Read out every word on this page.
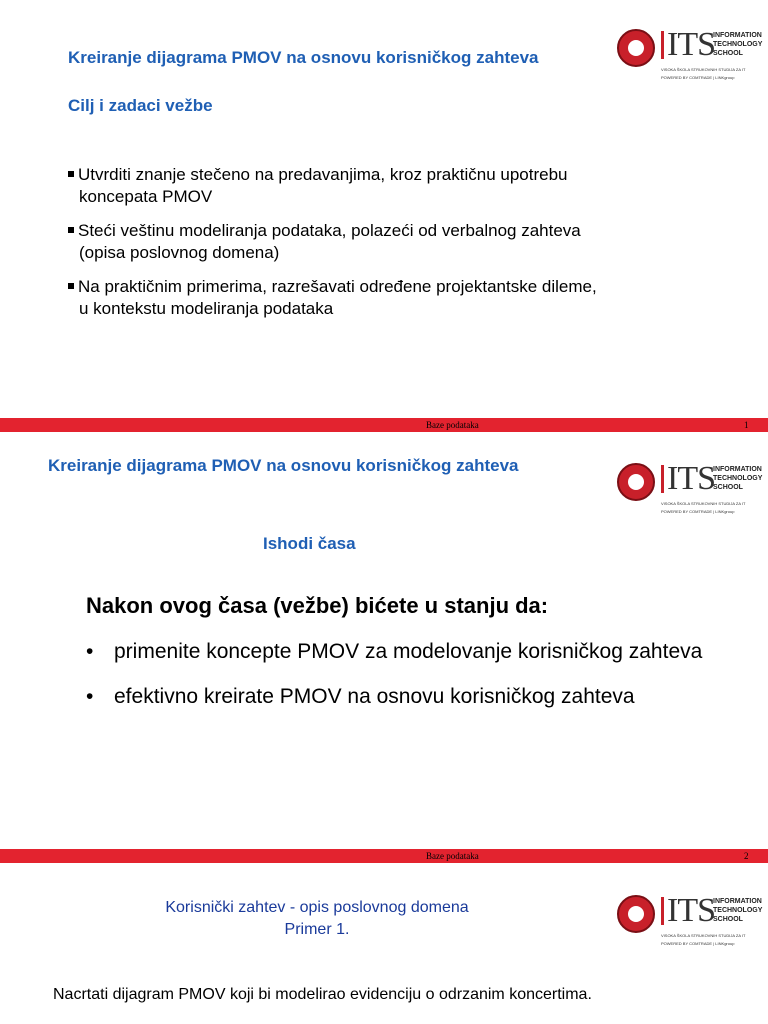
Kreiranje dijagrama PMOV na osnovu korisničkog zahteva
Cilj i zadaci vežbe
ITS
INFORMATION
TECHNOLOGY
SCHOOL
VISOKA ŠKOLA STRUKOVNIH STUDIJA ZA IT
POWERED BY COMTRADE | LINKgroup
Utvrditi znanje stečeno na predavanjima, kroz praktičnu upotrebu
koncepata PMOV
Steći veštinu modeliranja podataka, polazeći od verbalnog zahteva
(opisa poslovnog domena)
Na praktičnim primerima, razrešavati određene projektantske dileme,
u kontekstu modeliranja podataka
Baze podataka	1
Kreiranje dijagrama PMOV na osnovu korisničkog zahteva
Ishodi časa
ITS
INFORMATION
TECHNOLOGY
SCHOOL
VISOKA ŠKOLA STRUKOVNIH STUDIJA ZA IT
POWERED BY COMTRADE | LINKgroup
Nakon ovog časa (vežbe) bićete u stanju da:
• primenite koncepte PMOV za modelovanje korisničkog zahteva
• efektivno kreirate PMOV na osnovu korisničkog zahteva
Baze podataka	2
Korisnički zahtev - opis poslovnog domena
Primer 1.
ITS
INFORMATION
TECHNOLOGY
SCHOOL
VISOKA ŠKOLA STRUKOVNIH STUDIJA ZA IT
POWERED BY COMTRADE | LINKgroup
Nacrtati dijagram PMOV koji bi modelirao evidenciju o odrzanim koncertima.
